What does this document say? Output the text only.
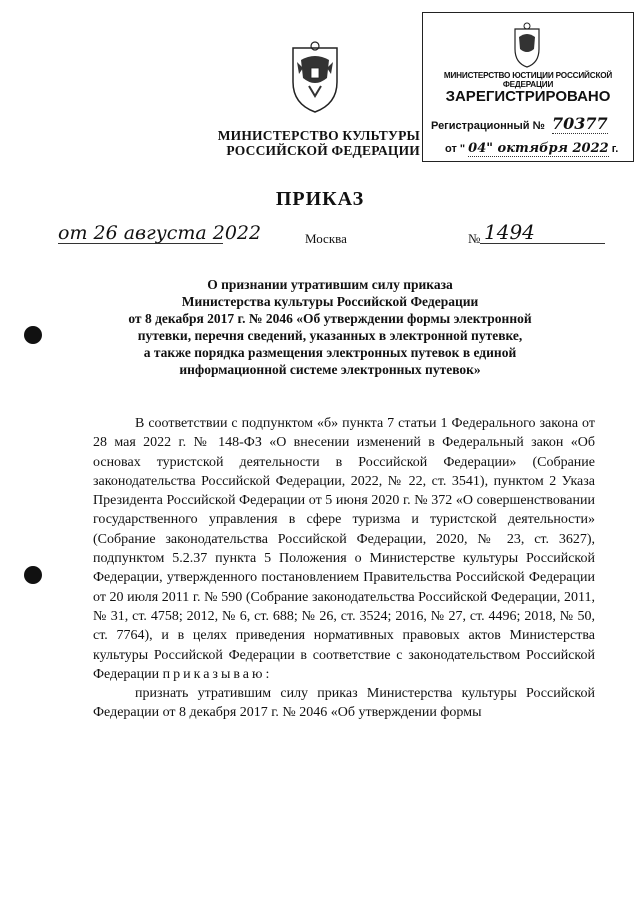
МИНИСТЕРСТВО КУЛЬТУРЫ
РОССИЙСКОЙ ФЕДЕРАЦИИ
МИНИСТЕРСТВО ЮСТИЦИИ РОССИЙСКОЙ ФЕДЕРАЦИИ
ЗАРЕГИСТРИРОВАНО
Регистрационный № 70377
от " 04" октября 2022 г.
ПРИКАЗ
от 26 августа 2022	Москва	№ 1494
О признании утратившим силу приказа
Министерства культуры Российской Федерации
от 8 декабря 2017 г. № 2046 «Об утверждении формы электронной
путевки, перечня сведений, указанных в электронной путевке,
а также порядка размещения электронных путевок в единой
информационной системе электронных путевок»

В соответствии с подпунктом «б» пункта 7 статьи 1 Федерального закона от 28 мая 2022 г. № 148-ФЗ «О внесении изменений в Федеральный закон «Об основах туристской деятельности в Российской Федерации» (Собрание законодательства Российской Федерации, 2022, № 22, ст. 3541), пунктом 2 Указа Президента Российской Федерации от 5 июня 2020 г. № 372 «О совершенствовании государственного управления в сфере туризма и туристской деятельности» (Собрание законодательства Российской Федерации, 2020, № 23, ст. 3627), подпунктом 5.2.37 пункта 5 Положения о Министерстве культуры Российской Федерации, утвержденного постановлением Правительства Российской Федерации от 20 июля 2011 г. № 590 (Собрание законодательства Российской Федерации, 2011, № 31, ст. 4758; 2012, № 6, ст. 688; № 26, ст. 3524; 2016, № 27, ст. 4496; 2018, № 50, ст. 7764), и в целях приведения нормативных правовых актов Министерства культуры Российской Федерации в соответствие с законодательством Российской Федерации приказываю:

признать утратившим силу приказ Министерства культуры Российской Федерации от 8 декабря 2017 г. № 2046 «Об утверждении формы
